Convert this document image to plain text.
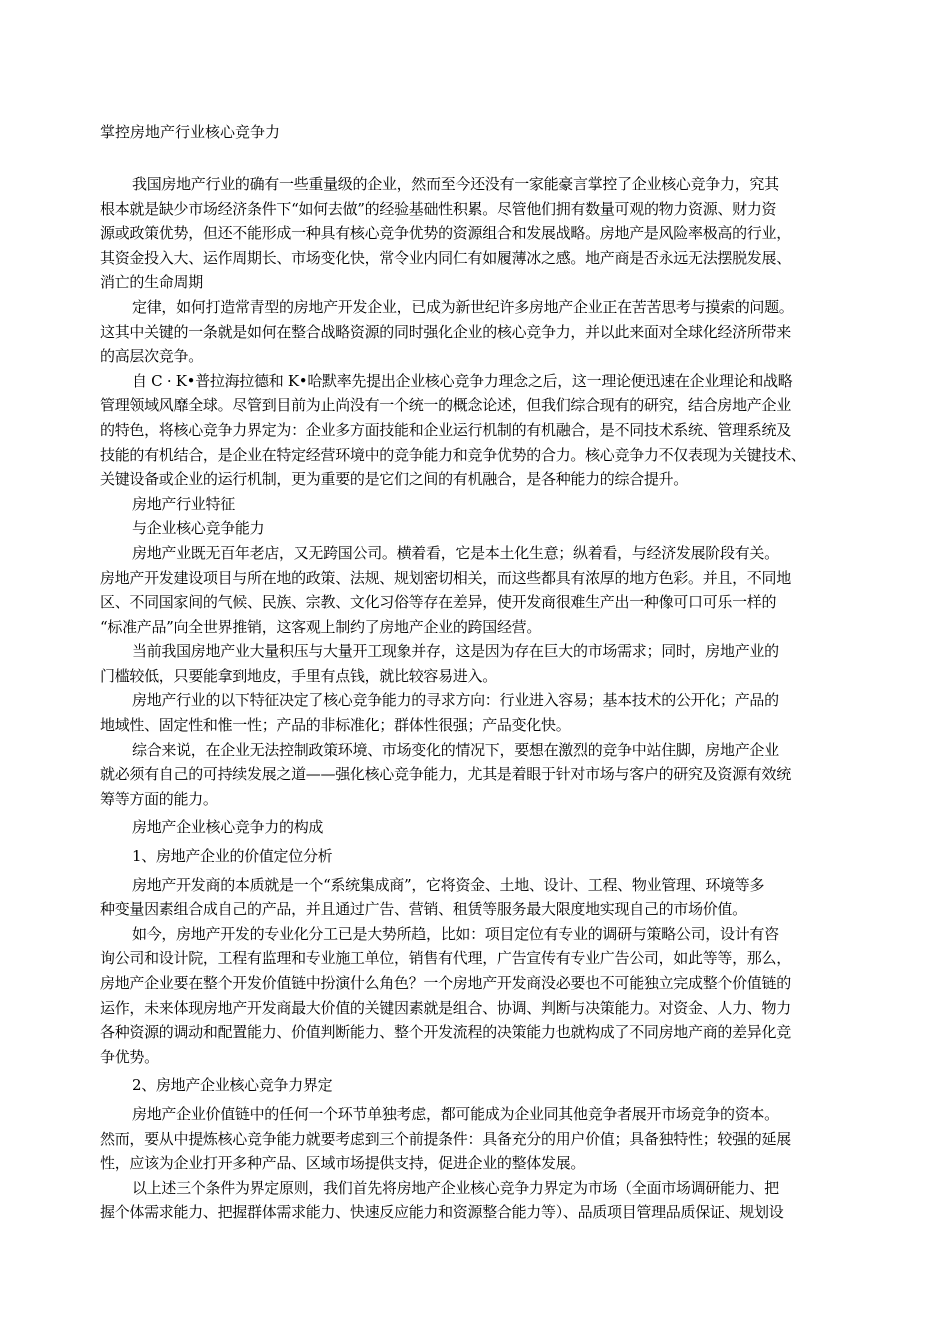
掌控房地产行业核心竞争力

我国房地产行业的确有一些重量级的企业，然而至今还没有一家能豪言掌控了企业核心竞争力，究其
根本就是缺少市场经济条件下“如何去做”的经验基础性积累。尽管他们拥有数量可观的物力资源、财力资
源或政策优势，但还不能形成一种具有核心竞争优势的资源组合和发展战略。房地产是风险率极高的行业，
其资金投入大、运作周期长、市场变化快，常令业内同仁有如履薄冰之感。地产商是否永远无法摆脱发展、
消亡的生命周期

定律，如何打造常青型的房地产开发企业，已成为新世纪许多房地产企业正在苦苦思考与摸索的问题。
这其中关键的一条就是如何在整合战略资源的同时强化企业的核心竞争力，并以此来面对全球化经济所带来
的高层次竞争。

自 C · K•普拉海拉德和 K•哈默率先提出企业核心竞争力理念之后，这一理论便迅速在企业理论和战略
管理领域风靡全球。尽管到目前为止尚没有一个统一的概念论述，但我们综合现有的研究，结合房地产企业
的特色，将核心竞争力界定为：企业多方面技能和企业运行机制的有机融合，是不同技术系统、管理系统及
技能的有机结合，是企业在特定经营环境中的竞争能力和竞争优势的合力。核心竞争力不仅表现为关键技术、
关键设备或企业的运行机制，更为重要的是它们之间的有机融合，是各种能力的综合提升。

房地产行业特征

与企业核心竞争能力

房地产业既无百年老店，又无跨国公司。横着看，它是本土化生意；纵着看，与经济发展阶段有关。
房地产开发建设项目与所在地的政策、法规、规划密切相关，而这些都具有浓厚的地方色彩。并且，不同地
区、不同国家间的气候、民族、宗教、文化习俗等存在差异，使开发商很难生产出一种像可口可乐一样的
“标准产品”向全世界推销，这客观上制约了房地产企业的跨国经营。

当前我国房地产业大量积压与大量开工现象并存，这是因为存在巨大的市场需求；同时，房地产业的
门槛较低，只要能拿到地皮，手里有点钱，就比较容易进入。

房地产行业的以下特征决定了核心竞争能力的寻求方向：行业进入容易；基本技术的公开化；产品的
地域性、固定性和惟一性；产品的非标准化；群体性很强；产品变化快。

综合来说，在企业无法控制政策环境、市场变化的情况下，要想在激烈的竞争中站住脚，房地产企业
就必须有自己的可持续发展之道——强化核心竞争能力，尤其是着眼于针对市场与客户的研究及资源有效统
筹等方面的能力。

房地产企业核心竞争力的构成

1、房地产企业的价值定位分析

房地产开发商的本质就是一个“系统集成商”，它将资金、土地、设计、工程、物业管理、环境等多
种变量因素组合成自己的产品，并且通过广告、营销、租赁等服务最大限度地实现自己的市场价值。

如今，房地产开发的专业化分工已是大势所趋，比如：项目定位有专业的调研与策略公司，设计有咨
询公司和设计院，工程有监理和专业施工单位，销售有代理，广告宣传有专业广告公司，如此等等，那么，
房地产企业要在整个开发价值链中扮演什么角色？一个房地产开发商没必要也不可能独立完成整个价值链的
运作，未来体现房地产开发商最大价值的关键因素就是组合、协调、判断与决策能力。对资金、人力、物力
各种资源的调动和配置能力、价值判断能力、整个开发流程的决策能力也就构成了不同房地产商的差异化竞
争优势。

2、房地产企业核心竞争力界定

房地产企业价值链中的任何一个环节单独考虑，都可能成为企业同其他竞争者展开市场竞争的资本。
然而，要从中提炼核心竞争能力就要考虑到三个前提条件：具备充分的用户价值；具备独特性；较强的延展
性，应该为企业打开多种产品、区域市场提供支持，促进企业的整体发展。

以上述三个条件为界定原则，我们首先将房地产企业核心竞争力界定为市场（全面市场调研能力、把
握个体需求能力、把握群体需求能力、快速反应能力和资源整合能力等）、品质项目管理品质保证、规划设
